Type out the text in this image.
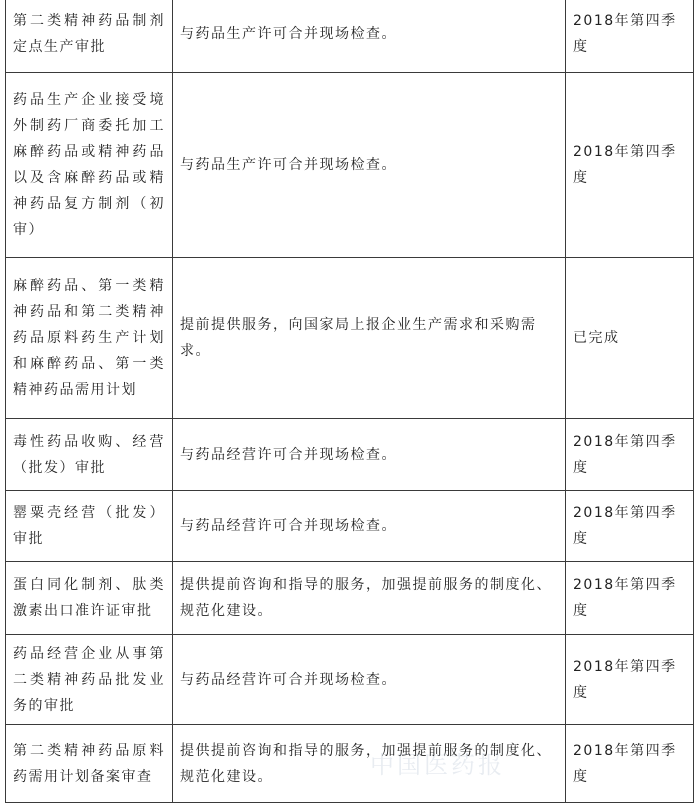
第二类精神药品制剂定点生产审批	与药品生产许可合并现场检查。	2018年第四季度
药品生产企业接受境外制药厂商委托加工麻醉药品或精神药品以及含麻醉药品或精神药品复方制剂（初审）	与药品生产许可合并现场检查。	2018年第四季度
麻醉药品、第一类精神药品和第二类精神药品原料药生产计划和麻醉药品、第一类精神药品需用计划	提前提供服务，向国家局上报企业生产需求和采购需求。	已完成
毒性药品收购、经营（批发）审批	与药品经营许可合并现场检查。	2018年第四季度
罂粟壳经营（批发）审批	与药品经营许可合并现场检查。	2018年第四季度
蛋白同化制剂、肽类激素出口准许证审批	提供提前咨询和指导的服务，加强提前服务的制度化、规范化建设。	2018年第四季度
药品经营企业从事第二类精神药品批发业务的审批	与药品经营许可合并现场检查。	2018年第四季度
第二类精神药品原料药需用计划备案审查	提供提前咨询和指导的服务，加强提前服务的制度化、规范化建设。	2018年第四季度
中国医药报
